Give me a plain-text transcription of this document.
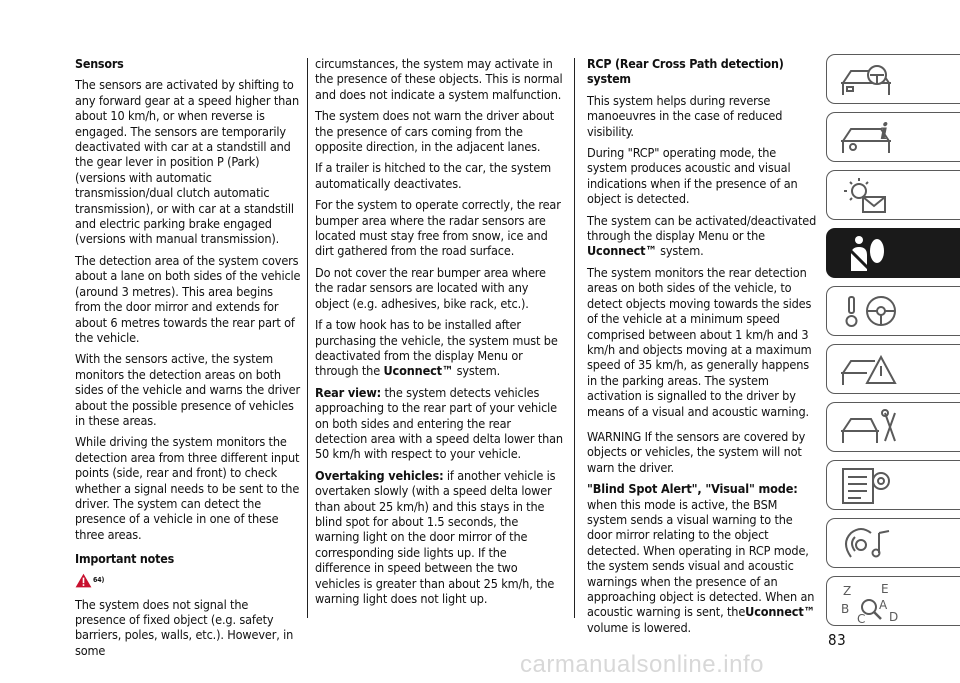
Sensors

The sensors are activated by shifting to any forward gear at a speed higher than about 10 km/h, or when reverse is engaged. The sensors are temporarily deactivated with car at a standstill and the gear lever in position P (Park) (versions with automatic transmission/dual clutch automatic transmission), or with car at a standstill and electric parking brake engaged (versions with manual transmission).

The detection area of the system covers about a lane on both sides of the vehicle (around 3 metres). This area begins from the door mirror and extends for about 6 metres towards the rear part of the vehicle.

With the sensors active, the system monitors the detection areas on both sides of the vehicle and warns the driver about the possible presence of vehicles in these areas.

While driving the system monitors the detection area from three different input points (side, rear and front) to check whether a signal needs to be sent to the driver. The system can detect the presence of a vehicle in one of these three areas.

Important notes
64)

The system does not signal the presence of fixed object (e.g. safety barriers, poles, walls, etc.). However, in some

circumstances, the system may activate in the presence of these objects. This is normal and does not indicate a system malfunction.

The system does not warn the driver about the presence of cars coming from the opposite direction, in the adjacent lanes.

If a trailer is hitched to the car, the system automatically deactivates.

For the system to operate correctly, the rear bumper area where the radar sensors are located must stay free from snow, ice and dirt gathered from the road surface.

Do not cover the rear bumper area where the radar sensors are located with any object (e.g. adhesives, bike rack, etc.).

If a tow hook has to be installed after purchasing the vehicle, the system must be deactivated from the display Menu or through the Uconnect™ system.

Rear view: the system detects vehicles approaching to the rear part of your vehicle on both sides and entering the rear detection area with a speed delta lower than 50 km/h with respect to your vehicle.

Overtaking vehicles: if another vehicle is overtaken slowly (with a speed delta lower than about 25 km/h) and this stays in the blind spot for about 1.5 seconds, the warning light on the door mirror of the corresponding side lights up. If the difference in speed between the two vehicles is greater than about 25 km/h, the warning light does not light up.

RCP (Rear Cross Path detection) system

This system helps during reverse manoeuvres in the case of reduced visibility.

During "RCP" operating mode, the system produces acoustic and visual indications when if the presence of an object is detected.

The system can be activated/deactivated through the display Menu or the Uconnect™ system.

The system monitors the rear detection areas on both sides of the vehicle, to detect objects moving towards the sides of the vehicle at a minimum speed comprised between about 1 km/h and 3 km/h and objects moving at a maximum speed of 35 km/h, as generally happens in the parking areas. The system activation is signalled to the driver by means of a visual and acoustic warning.

WARNING If the sensors are covered by objects or vehicles, the system will not warn the driver.

"Blind Spot Alert", "Visual" mode: when this mode is active, the BSM system sends a visual warning to the door mirror relating to the object detected. When operating in RCP mode, the system sends visual and acoustic warnings when the presence of an approaching object is detected. When an acoustic warning is sent, theUconnect™ volume is lowered.

i
Z E
B A
C D
83
carmanualsonline.info
